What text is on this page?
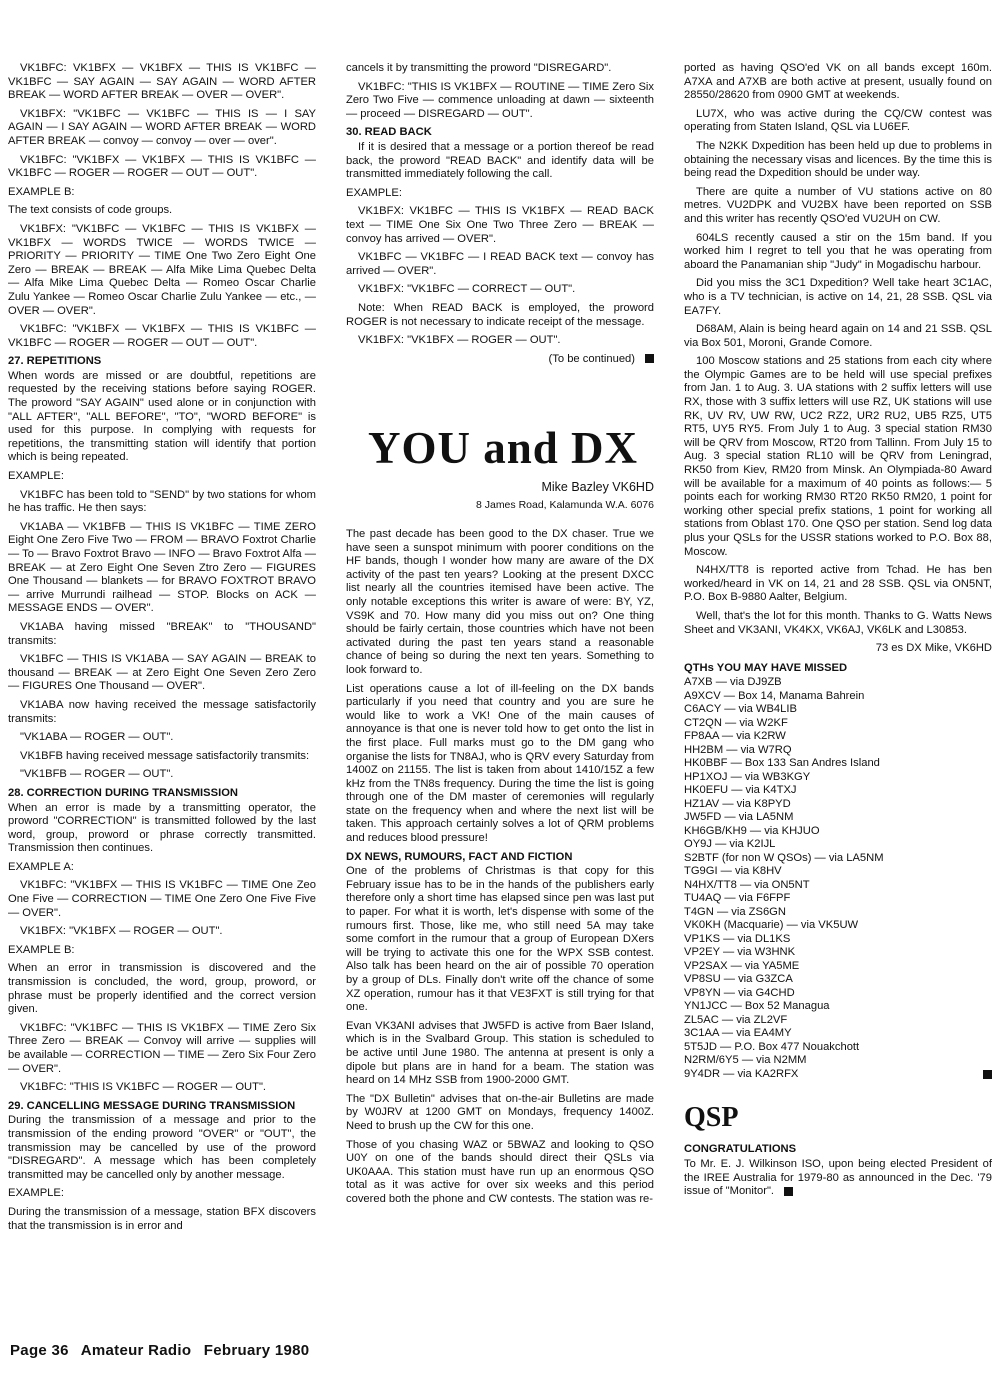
VK1BFC: VK1BFX — VK1BFX — THIS IS VK1BFC — VK1BFC — SAY AGAIN — SAY AGAIN — WORD AFTER BREAK — WORD AFTER BREAK — OVER — OVER".

VK1BFX: "VK1BFC — VK1BFC — THIS IS — I SAY AGAIN — I SAY AGAIN — WORD AFTER BREAK — WORD AFTER BREAK — convoy — convoy — over — over".

VK1BFC: "VK1BFX — VK1BFX — THIS IS VK1BFC — VK1BFC — ROGER — ROGER — OUT — OUT".

EXAMPLE B:

The text consists of code groups.

VK1BFX: "VK1BFC — VK1BFC — THIS IS VK1BFX — VK1BFX — WORDS TWICE — WORDS TWICE — PRIORITY — PRIORITY — TIME One Two Zero Eight One Zero — BREAK — BREAK — Alfa Mike Lima Quebec Delta — Alfa Mike Lima Quebec Delta — Romeo Oscar Charlie Zulu Yankee — Romeo Oscar Charlie Zulu Yankee — etc., — OVER — OVER".

VK1BFC: "VK1BFX — VK1BFX — THIS IS VK1BFC — VK1BFC — ROGER — ROGER — OUT — OUT".

27. REPETITIONS

When words are missed or are doubtful, repetitions are requested by the receiving stations before saying ROGER. The proword "SAY AGAIN" used alone or in conjunction with "ALL AFTER", "ALL BEFORE", "TO", "WORD BEFORE" is used for this purpose. In complying with requests for repetitions, the transmitting station will identify that portion which is being repeated.

EXAMPLE:

VK1BFC has been told to "SEND" by two stations for whom he has traffic. He then says:

VK1ABA — VK1BFB — THIS IS VK1BFC — TIME ZERO Eight One Zero Five Two — FROM — BRAVO Foxtrot Charlie — To — Bravo Foxtrot Bravo — INFO — Bravo Foxtrot Alfa — BREAK — at Zero Eight One Seven Ztro Zero — FIGURES One Thousand — blankets — for BRAVO FOXTROT BRAVO — arrive Murrundi railhead — STOP. Blocks on ACK — MESSAGE ENDS — OVER".

VK1ABA having missed "BREAK" to "THOUSAND" transmits:

VK1BFC — THIS IS VK1ABA — SAY AGAIN — BREAK to thousand — BREAK — at Zero Eight One Seven Zero Zero — FIGURES One Thousand — OVER".

VK1ABA now having received the message satisfactorily transmits:

"VK1ABA — ROGER — OUT".

VK1BFB having received message satisfactorily transmits:

"VK1BFB — ROGER — OUT".

28. CORRECTION DURING TRANSMISSION

When an error is made by a transmitting operator, the proword "CORRECTION" is transmitted followed by the last word, group, proword or phrase correctly transmitted. Transmission then continues.

EXAMPLE A:

VK1BFC: "VK1BFX — THIS IS VK1BFC — TIME One Zeo One Five — CORRECTION — TIME One Zero One Five Five — OVER".

VK1BFX: "VK1BFX — ROGER — OUT".

EXAMPLE B:

When an error in transmission is discovered and the transmission is concluded, the word, group, proword, or phrase must be properly identified and the correct version given.

VK1BFC: "VK1BFC — THIS IS VK1BFX — TIME Zero Six Three Zero — BREAK — Convoy will arrive — supplies will be available — CORRECTION — TIME — Zero Six Four Zero — OVER".

VK1BFC: "THIS IS VK1BFC — ROGER — OUT".

29. CANCELLING MESSAGE DURING TRANSMISSION

During the transmission of a message and prior to the transmission of the ending proword "OVER" or "OUT", the transmission may be cancelled by use of the proword "DISREGARD". A message which has been completely transmitted may be cancelled only by another message.

EXAMPLE:

During the transmission of a message, station BFX discovers that the transmission is in error and

cancels it by transmitting the proword "DISREGARD".

VK1BFC: "THIS IS VK1BFX — ROUTINE — TIME Zero Six Zero Two Five — commence unloading at dawn — sixteenth — proceed — DISREGARD — OUT".

30. READ BACK

If it is desired that a message or a portion thereof be read back, the proword "READ BACK" and identify data will be transmitted immediately following the call.

EXAMPLE:

VK1BFX: VK1BFC — THIS IS VK1BFX — READ BACK text — TIME One Six One Two Three Zero — BREAK — convoy has arrived — OVER".

VK1BFC — VK1BFC — I READ BACK text — convoy has arrived — OVER".

VK1BFX: "VK1BFC — CORRECT — OUT".

Note: When READ BACK is employed, the proword ROGER is not necessary to indicate receipt of the message.

VK1BFX: "VK1BFX — ROGER — OUT".

(To be continued)

YOU and DX
Mike Bazley VK6HD
8 James Road, Kalamunda W.A. 6076

The past decade has been good to the DX chaser. True we have seen a sunspot minimum with poorer conditions on the HF bands, though I wonder how many are aware of the DX activity of the past ten years? Looking at the present DXCC list nearly all the countries itemised have been active. The only notable exceptions this writer is aware of were: BY, YZ, VS9K and 70. How many did you miss out on? One thing should be fairly certain, those countries which have not been activated during the past ten years stand a reasonable chance of being so during the next ten years. Something to look forward to.

List operations cause a lot of ill-feeling on the DX bands particularly if you need that country and you are sure he would like to work a VK! One of the main causes of annoyance is that one is never told how to get onto the list in the first place. Full marks must go to the DM gang who organise the lists for TN8AJ, who is QRV every Saturday from 1400Z on 21155. The list is taken from about 1410/15Z a few kHz from the TN8s frequency. During the time the list is going through one of the DM master of ceremonies will regularly state on the frequency when and where the next list will be taken. This approach certainly solves a lot of QRM problems and reduces blood pressure!

DX NEWS, RUMOURS, FACT AND FICTION

One of the problems of Christmas is that copy for this February issue has to be in the hands of the publishers early therefore only a short time has elapsed since pen was last put to paper. For what it is worth, let's dispense with some of the rumours first. Those, like me, who still need 5A may take some comfort in the rumour that a group of European DXers will be trying to activate this one for the WPX SSB contest. Also talk has been heard on the air of possible 70 operation by a group of DLs. Finally don't write off the chance of some XZ operation, rumour has it that VE3FXT is still trying for that one.

Evan VK3ANI advises that JW5FD is active from Baer Island, which is in the Svalbard Group. This station is scheduled to be active until June 1980. The antenna at present is only a dipole but plans are in hand for a beam. The station was heard on 14 MHz SSB from 1900-2000 GMT.

The "DX Bulletin" advises that on-the-air Bulletins are made by W0JRV at 1200 GMT on Mondays, frequency 1400Z. Need to brush up the CW for this one.

Those of you chasing WAZ or 5BWAZ and looking to QSO U0Y on one of the bands should direct their QSLs via UK0AAA. This station must have run up an enormous QSO total as it was active for over six weeks and this period covered both the phone and CW contests. The station was re-

ported as having QSO'ed VK on all bands except 160m. A7XA and A7XB are both active at present, usually found on 28550/28620 from 0900 GMT at weekends.

LU7X, who was active during the CQ/CW contest was operating from Staten Island, QSL via LU6EF.

The N2KK Dxpedition has been held up due to problems in obtaining the necessary visas and licences. By the time this is being read the Dxpedition should be under way.

There are quite a number of VU stations active on 80 metres. VU2DPK and VU2BX have been reported on SSB and this writer has recently QSO'ed VU2UH on CW.

604LS recently caused a stir on the 15m band. If you worked him I regret to tell you that he was operating from aboard the Panamanian ship "Judy" in Mogadischu harbour.

Did you miss the 3C1 Dxpedition? Well take heart 3C1AC, who is a TV technician, is active on 14, 21, 28 SSB. QSL via EA7FY.

D68AM, Alain is being heard again on 14 and 21 SSB. QSL via Box 501, Moroni, Grande Comore.

100 Moscow stations and 25 stations from each city where the Olympic Games are to be held will use special prefixes from Jan. 1 to Aug. 3. UA stations with 2 suffix letters will use RX, those with 3 suffix letters will use RZ, UK stations will use RK, UV RV, UW RW, UC2 RZ2, UR2 RU2, UB5 RZ5, UT5 RT5, UY5 RY5. From July 1 to Aug. 3 special station RM30 will be QRV from Moscow, RT20 from Tallinn. From July 15 to Aug. 3 special station RL10 will be QRV from Leningrad, RK50 from Kiev, RM20 from Minsk. An Olympiada-80 Award will be available for a maximum of 40 points as follows:— 5 points each for working RM30 RT20 RK50 RM20, 1 point for working other special prefix stations, 1 point for working all stations from Oblast 170. One QSO per station. Send log data plus your QSLs for the USSR stations worked to P.O. Box 88, Moscow.

N4HX/TT8 is reported active from Tchad. He has ben worked/heard in VK on 14, 21 and 28 SSB. QSL via ON5NT, P.O. Box B-9880 Aalter, Belgium.

Well, that's the lot for this month. Thanks to G. Watts News Sheet and VK3ANI, VK4KX, VK6AJ, VK6LK and L30853.

73 es DX Mike, VK6HD

QTHs YOU MAY HAVE MISSED
A7XB — via DJ9ZB
A9XCV — Box 14, Manama Bahrein
C6ACY — via WB4LIB
CT2QN — via W2KF
FP8AA — via K2RW
HH2BM — via W7RQ
HK0BBF — Box 133 San Andres Island
HP1XOJ — via WB3KGY
HK0EFU — via K4TXJ
HZ1AV — via K8PYD
JW5FD — via LA5NM
KH6GB/KH9 — via KHJUO
OY9J — via K2IJL
S2BTF (for non W QSOs) — via LA5NM
TG9GI — via K8HV
N4HX/TT8 — via ON5NT
TU4AQ — via F6FPF
T4GN — via ZS6GN
VK0KH (Macquarie) — via VK5UW
VP1KS — via DL1KS
VP2EY — via W3HNK
VP2SAX — via YA5ME
VP8SU — via G3ZCA
VP8YN — via G4CHD
YN1JCC — Box 52 Managua
ZL5AC — via ZL2VF
3C1AA — via EA4MY
5T5JD — P.O. Box 477 Nouakchott
N2RM/6Y5 — via N2MM
9Y4DR — via KA2RFX
QSP
CONGRATULATIONS

To Mr. E. J. Wilkinson ISO, upon being elected President of the IREE Australia for 1979-80 as announced in the Dec. '79 issue of "Monitor".

Page 36 Amateur Radio February 1980
